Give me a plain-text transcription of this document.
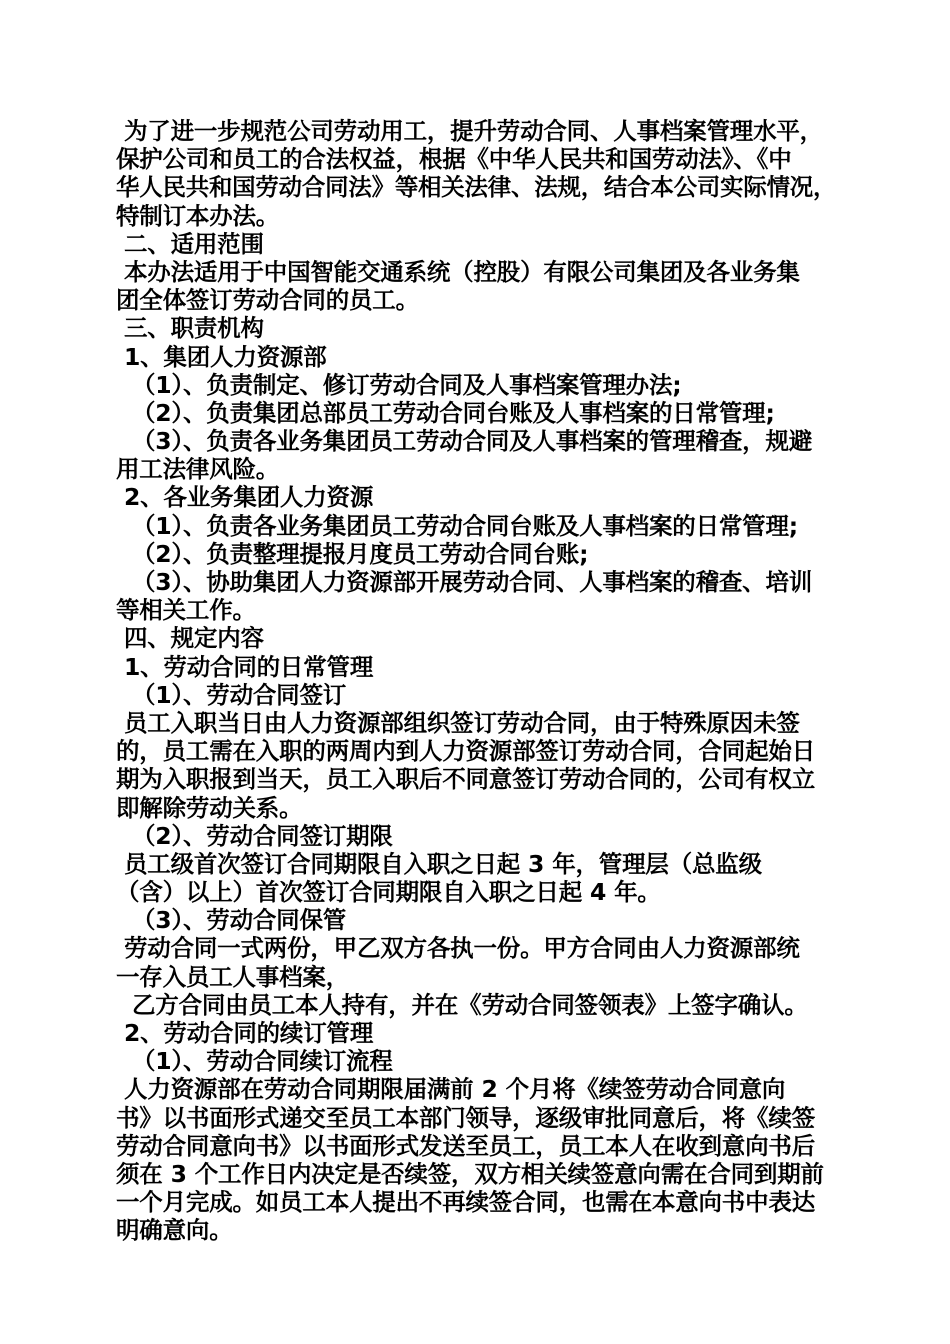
为了进一步规范公司劳动用工，提升劳动合同、人事档案管理水平，
保护公司和员工的合法权益，根据《中华人民共和国劳动法》、《中
华人民共和国劳动合同法》等相关法律、法规，结合本公司实际情况，
特制订本办法。
二、适用范围
本办法适用于中国智能交通系统（控股）有限公司集团及各业务集
团全体签订劳动合同的员工。
三、职责机构
1、集团人力资源部
（1）、负责制定、修订劳动合同及人事档案管理办法;
（2）、负责集团总部员工劳动合同台账及人事档案的日常管理;
（3）、负责各业务集团员工劳动合同及人事档案的管理稽查，规避
用工法律风险。
2、各业务集团人力资源
（1）、负责各业务集团员工劳动合同台账及人事档案的日常管理;
（2）、负责整理提报月度员工劳动合同台账;
（3）、协助集团人力资源部开展劳动合同、人事档案的稽查、培训
等相关工作。
四、规定内容
1、劳动合同的日常管理
（1）、劳动合同签订
员工入职当日由人力资源部组织签订劳动合同，由于特殊原因未签
的，员工需在入职的两周内到人力资源部签订劳动合同，合同起始日
期为入职报到当天，员工入职后不同意签订劳动合同的，公司有权立
即解除劳动关系。
（2）、劳动合同签订期限
员工级首次签订合同期限自入职之日起 3 年，管理层（总监级
（含）以上）首次签订合同期限自入职之日起 4 年。
（3）、劳动合同保管
劳动合同一式两份，甲乙双方各执一份。甲方合同由人力资源部统
一存入员工人事档案，
乙方合同由员工本人持有，并在《劳动合同签领表》上签字确认。
2、劳动合同的续订管理
（1）、劳动合同续订流程
人力资源部在劳动合同期限届满前 2 个月将《续签劳动合同意向
书》以书面形式递交至员工本部门领导，逐级审批同意后，将《续签
劳动合同意向书》以书面形式发送至员工，员工本人在收到意向书后
须在 3 个工作日内决定是否续签，双方相关续签意向需在合同到期前
一个月完成。如员工本人提出不再续签合同，也需在本意向书中表达
明确意向。
